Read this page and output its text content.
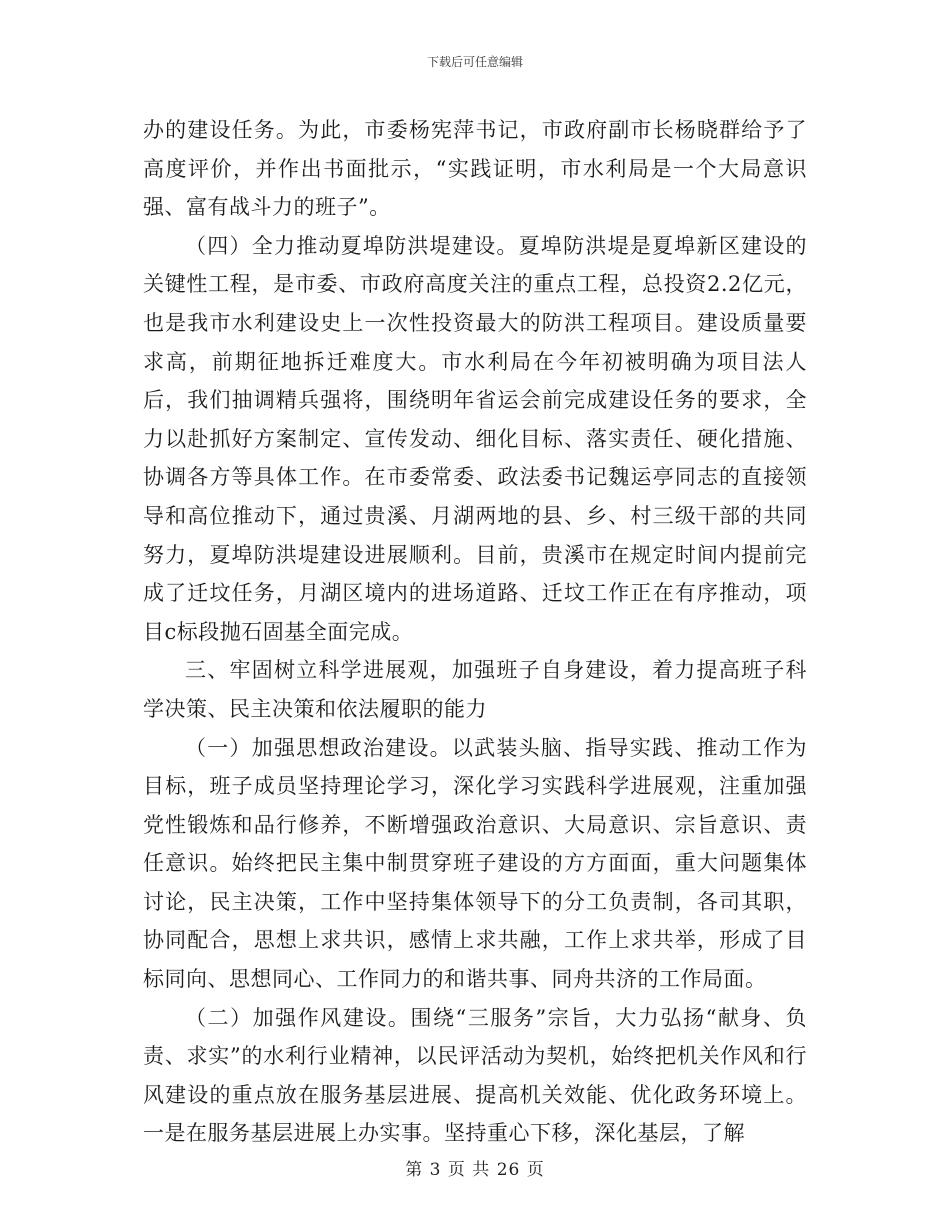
下载后可任意编辑

办的建设任务。为此，市委杨宪萍书记，市政府副市长杨晓群给予了高度评价，并作出书面批示，“实践证明，市水利局是一个大局意识强、富有战斗力的班子”。

（四）全力推动夏埠防洪堤建设。夏埠防洪堤是夏埠新区建设的关键性工程，是市委、市政府高度关注的重点工程，总投资2.2亿元，也是我市水利建设史上一次性投资最大的防洪工程项目。建设质量要求高，前期征地拆迁难度大。市水利局在今年初被明确为项目法人后，我们抽调精兵强将，围绕明年省运会前完成建设任务的要求，全力以赴抓好方案制定、宣传发动、细化目标、落实责任、硬化措施、协调各方等具体工作。在市委常委、政法委书记魏运亭同志的直接领导和高位推动下，通过贵溪、月湖两地的县、乡、村三级干部的共同努力，夏埠防洪堤建设进展顺利。目前，贵溪市在规定时间内提前完成了迁坟任务，月湖区境内的进场道路、迁坟工作正在有序推动，项目c标段抛石固基全面完成。

三、牢固树立科学进展观，加强班子自身建设，着力提高班子科学决策、民主决策和依法履职的能力

（一）加强思想政治建设。以武装头脑、指导实践、推动工作为目标，班子成员坚持理论学习，深化学习实践科学进展观，注重加强党性锻炼和品行修养，不断增强政治意识、大局意识、宗旨意识、责任意识。始终把民主集中制贯穿班子建设的方方面面，重大问题集体讨论，民主决策，工作中坚持集体领导下的分工负责制，各司其职，协同配合，思想上求共识，感情上求共融，工作上求共举，形成了目标同向、思想同心、工作同力的和谐共事、同舟共济的工作局面。

（二）加强作风建设。围绕“三服务”宗旨，大力弘扬“献身、负责、求实”的水利行业精神，以民评活动为契机，始终把机关作风和行风建设的重点放在服务基层进展、提高机关效能、优化政务环境上。一是在服务基层进展上办实事。坚持重心下移，深化基层，了解

第 3 页 共 26 页
